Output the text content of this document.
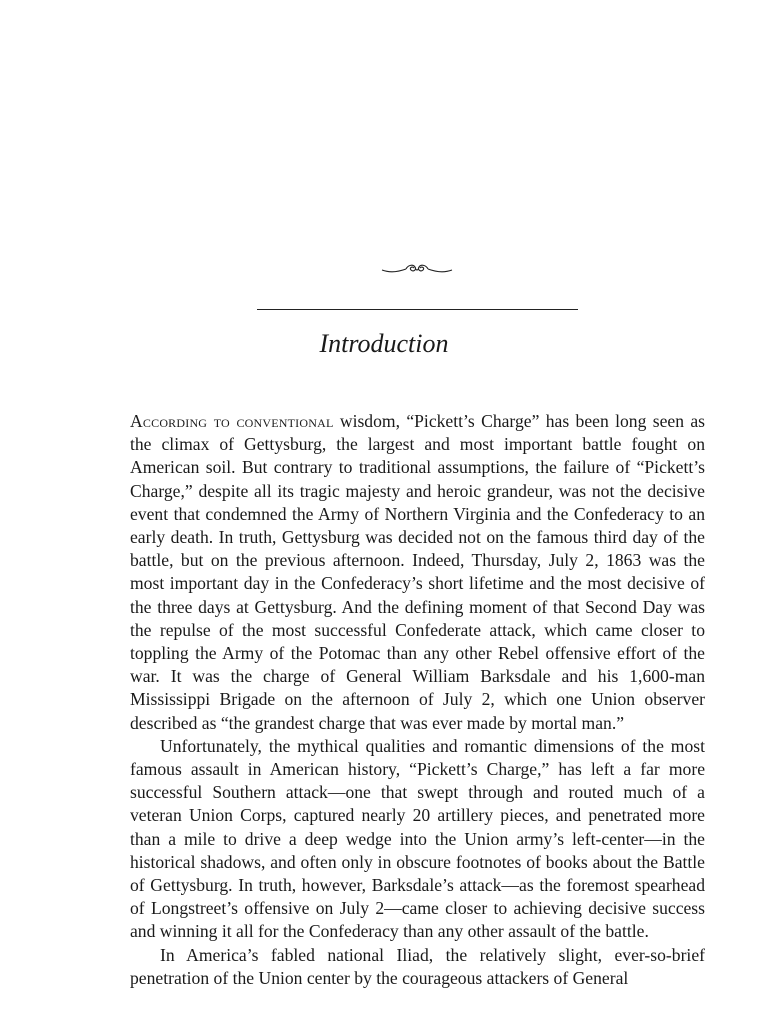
Introduction

According to conventional wisdom, “Pickett’s Charge” has been long seen as the climax of Gettysburg, the largest and most important battle fought on American soil. But contrary to traditional assumptions, the failure of “Pickett’s Charge,” despite all its tragic majesty and heroic grandeur, was not the decisive event that condemned the Army of Northern Virginia and the Confederacy to an early death. In truth, Gettysburg was decided not on the famous third day of the battle, but on the previous afternoon. Indeed, Thursday, July 2, 1863 was the most important day in the Confederacy’s short lifetime and the most decisive of the three days at Gettysburg. And the defining moment of that Second Day was the repulse of the most successful Confederate attack, which came closer to toppling the Army of the Potomac than any other Rebel offensive effort of the war. It was the charge of General William Barksdale and his 1,600-man Mississippi Brigade on the afternoon of July 2, which one Union observer described as “the grandest charge that was ever made by mortal man.”

Unfortunately, the mythical qualities and romantic dimensions of the most famous assault in American history, “Pickett’s Charge,” has left a far more successful Southern attack—one that swept through and routed much of a veteran Union Corps, captured nearly 20 artillery pieces, and penetrated more than a mile to drive a deep wedge into the Union army’s left-center—in the historical shadows, and often only in obscure footnotes of books about the Battle of Gettysburg. In truth, however, Barksdale’s attack—as the foremost spearhead of Longstreet’s offensive on July 2—came closer to achieving decisive success and winning it all for the Confederacy than any other assault of the battle.

In America’s fabled national Iliad, the relatively slight, ever-so-brief penetration of the Union center by the courageous attackers of General
